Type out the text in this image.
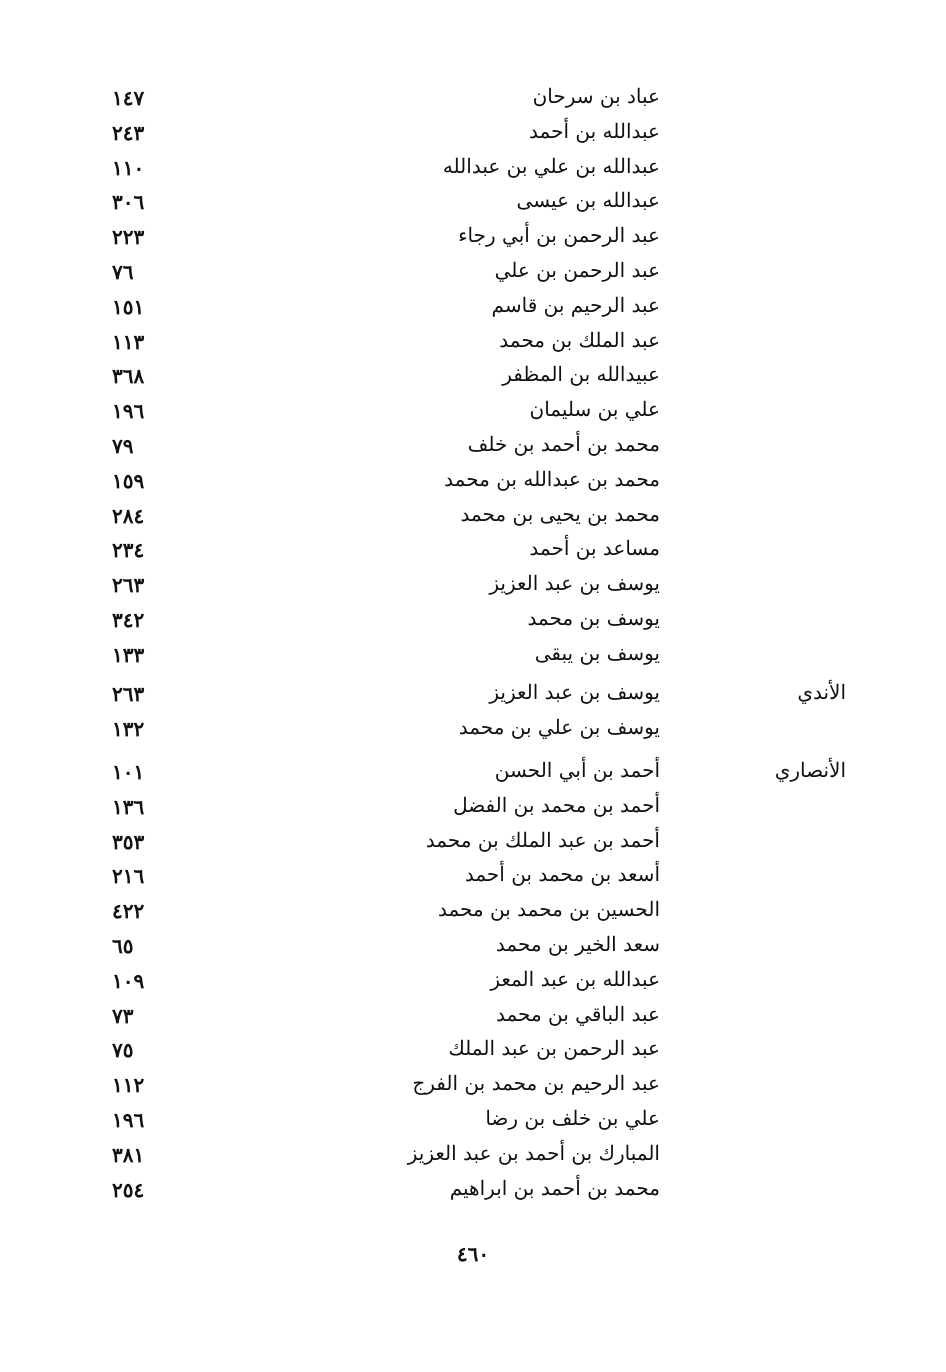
عباد بن سرحان
١٤٧
عبدالله بن أحمد
٢٤٣
عبدالله بن علي بن عبدالله
١١٠
عبدالله بن عيسى
٣٠٦
عبد الرحمن بن أبي رجاء
٢٢٣
عبد الرحمن بن علي
٧٦
عبد الرحيم بن قاسم
١٥١
عبد الملك بن محمد
١١٣
عبيدالله بن المظفر
٣٦٨
علي بن سليمان
١٩٦
محمد بن أحمد بن خلف
٧٩
محمد بن عبدالله بن محمد
١٥٩
محمد بن يحيى بن محمد
٢٨٤
مساعد بن أحمد
٢٣٤
يوسف بن عبد العزيز
٢٦٣
يوسف بن محمد
٣٤٢
يوسف بن يبقى
١٣٣
الأندي
يوسف بن عبد العزيز
٢٦٣
يوسف بن علي بن محمد
١٣٢
الأنصاري
أحمد بن أبي الحسن
١٠١
أحمد بن محمد بن الفضل
١٣٦
أحمد بن عبد الملك بن محمد
٣٥٣
أسعد بن محمد بن أحمد
٢١٦
الحسين بن محمد بن محمد
٤٢٢
سعد الخير بن محمد
٦٥
عبدالله بن عبد المعز
١٠٩
عبد الباقي بن محمد
٧٣
عبد الرحمن بن عبد الملك
٧٥
عبد الرحيم بن محمد بن الفرج
١١٢
علي بن خلف بن رضا
١٩٦
المبارك بن أحمد بن عبد العزيز
٣٨١
محمد بن أحمد بن ابراهيم
٢٥٤
٤٦٠
